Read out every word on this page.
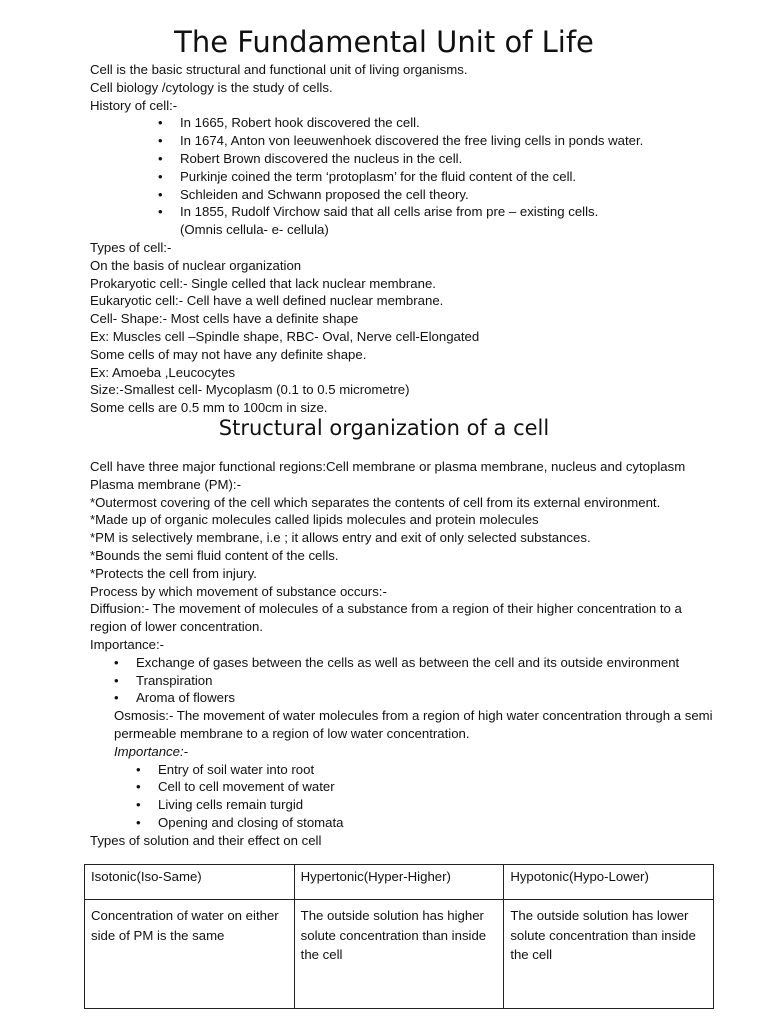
The Fundamental Unit of Life
Cell is the basic structural and functional unit of living organisms.
Cell biology /cytology is the study of cells.
History of cell:-
• In 1665, Robert hook discovered the cell.
• In 1674, Anton von leeuwenhoek discovered the free living cells in ponds water.
• Robert Brown discovered the nucleus in the cell.
• Purkinje coined the term ‘protoplasm’ for the fluid content of the cell.
• Schleiden and Schwann proposed the cell theory.
• In 1855, Rudolf Virchow said that all cells arise from pre – existing cells.
(Omnis cellula- e- cellula)
Types of cell:-
On the basis of nuclear organization
Prokaryotic cell:- Single celled that lack nuclear membrane.
Eukaryotic cell:- Cell have a well defined nuclear membrane.
Cell- Shape:- Most cells have a definite shape
Ex: Muscles cell –Spindle shape, RBC- Oval, Nerve cell-Elongated
Some cells of may not have any definite shape.
Ex: Amoeba ,Leucocytes
Size:-Smallest cell- Mycoplasm (0.1 to 0.5 micrometre)
Some cells are 0.5 mm to 100cm in size.
Structural organization of a cell
Cell have three major functional regions:Cell membrane or plasma membrane, nucleus and cytoplasm
Plasma membrane (PM):-
*Outermost covering of the cell which separates the contents of cell from its external environment.
*Made up of organic molecules called lipids molecules and protein molecules
*PM is selectively membrane, i.e ; it allows entry and exit of only selected substances.
*Bounds the semi fluid content of the cells.
*Protects the cell from injury.
Process by which movement of substance occurs:-
Diffusion:- The movement of molecules of a substance from a region of their higher concentration to a region of lower concentration.
Importance:-
• Exchange of gases between the cells as well as between the cell and its outside environment
• Transpiration
• Aroma of flowers
Osmosis:- The movement of water molecules from a region of high water concentration through a semi permeable membrane to a region of low water concentration.
Importance:-
• Entry of soil water into root
• Cell to cell movement of water
• Living cells remain turgid
• Opening and closing of stomata
Types of solution and their effect on cell
Isotonic(Iso-Same)	Hypertonic(Hyper-Higher)	Hypotonic(Hypo-Lower)
Concentration of water on either side of PM is the same	The outside solution has higher solute concentration than inside the cell	The outside solution has lower solute concentration than inside the cell
